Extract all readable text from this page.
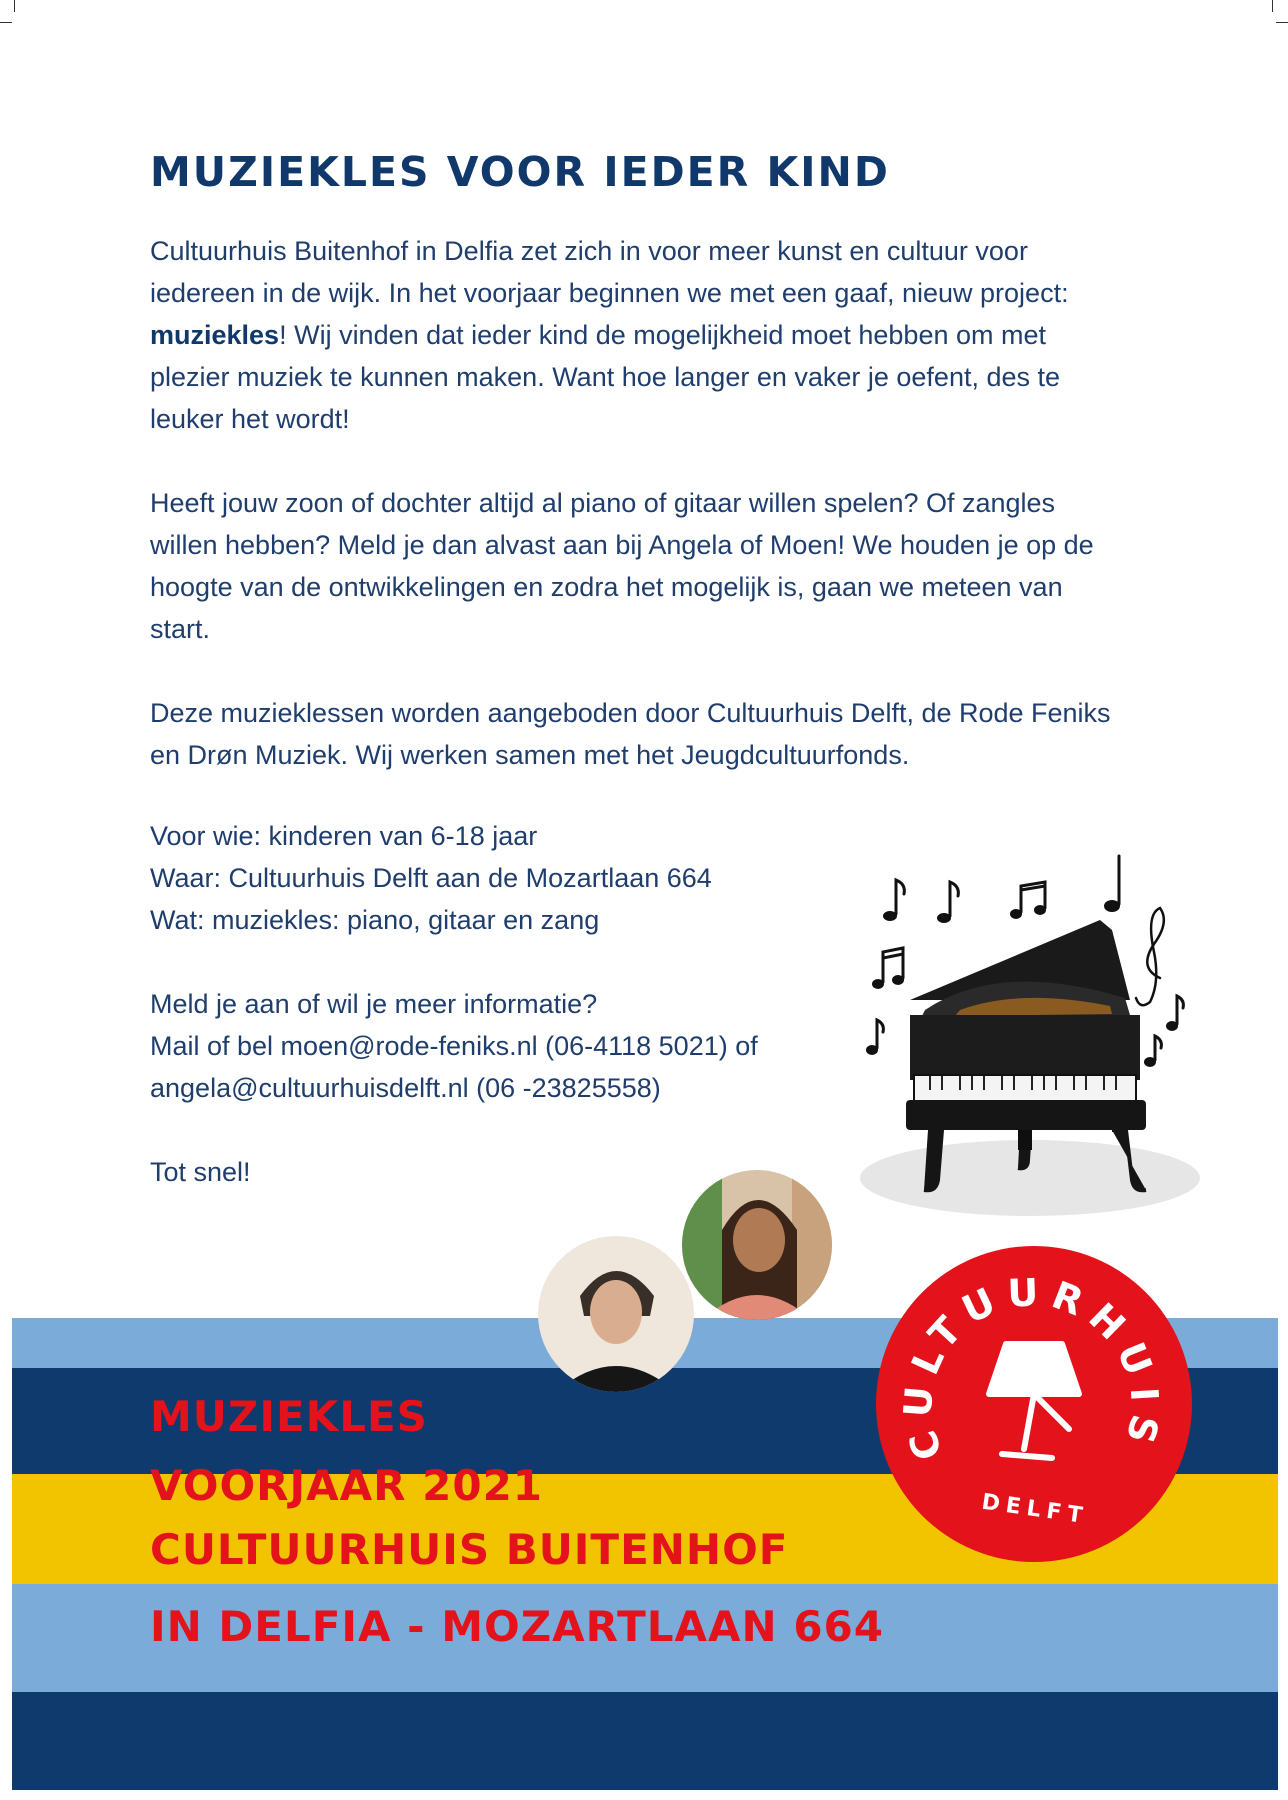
MUZIEKLES VOOR IEDER KIND

Cultuurhuis Buitenhof in Delfia zet zich in voor meer kunst en cultuur voor iedereen in de wijk. In het voorjaar beginnen we met een gaaf, nieuw project: muziekles! Wij vinden dat ieder kind de mogelijkheid moet hebben om met plezier muziek te kunnen maken. Want hoe langer en vaker je oefent, des te leuker het wordt!

Heeft jouw zoon of dochter altijd al piano of gitaar willen spelen? Of zangles willen hebben? Meld je dan alvast aan bij Angela of Moen! We houden je op de hoogte van de ontwikkelingen en zodra het mogelijk is, gaan we meteen van start.

Deze muzieklessen worden aangeboden door Cultuurhuis Delft, de Rode Feniks en Drøn Muziek. Wij werken samen met het Jeugdcultuurfonds.

Voor wie: kinderen van 6-18 jaar

Waar: Cultuurhuis Delft aan de Mozartlaan 664

Wat: muziekles: piano, gitaar en zang

Meld je aan of wil je meer informatie?

Mail of bel moen@rode-feniks.nl (06-4118 5021) of

angela@cultuurhuisdelft.nl (06 -23825558)

Tot snel!

CULTUURHUIS
DELFT

MUZIEKLES

VOORJAAR 2021

CULTUURHUIS BUITENHOF

IN DELFIA - MOZARTLAAN 664
